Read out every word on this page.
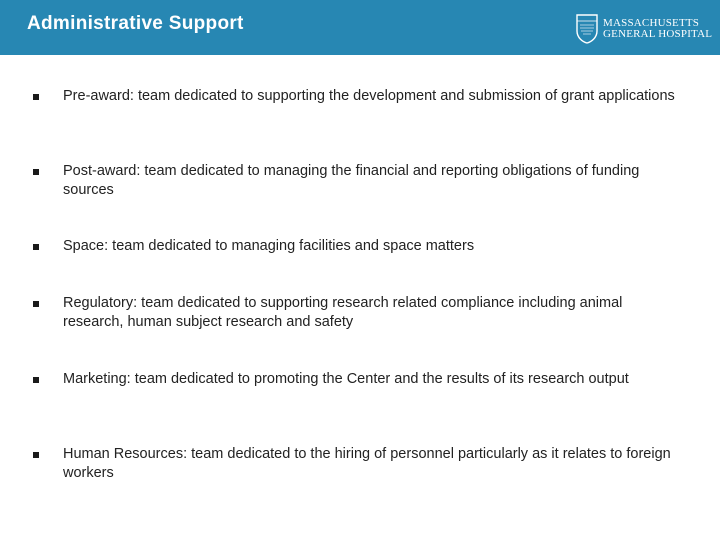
Administrative Support	MASSACHUSETTS
GENERAL HOSPITAL
Pre-award: team dedicated to supporting the development and submission of grant applications
Post-award: team dedicated to managing the financial and reporting obligations of funding sources
Space: team dedicated to managing facilities and space matters
Regulatory: team dedicated to supporting research related compliance including animal research, human subject research and safety
Marketing: team dedicated to promoting the Center and the results of its research output
Human Resources: team dedicated to the hiring of personnel particularly as it relates to foreign workers
